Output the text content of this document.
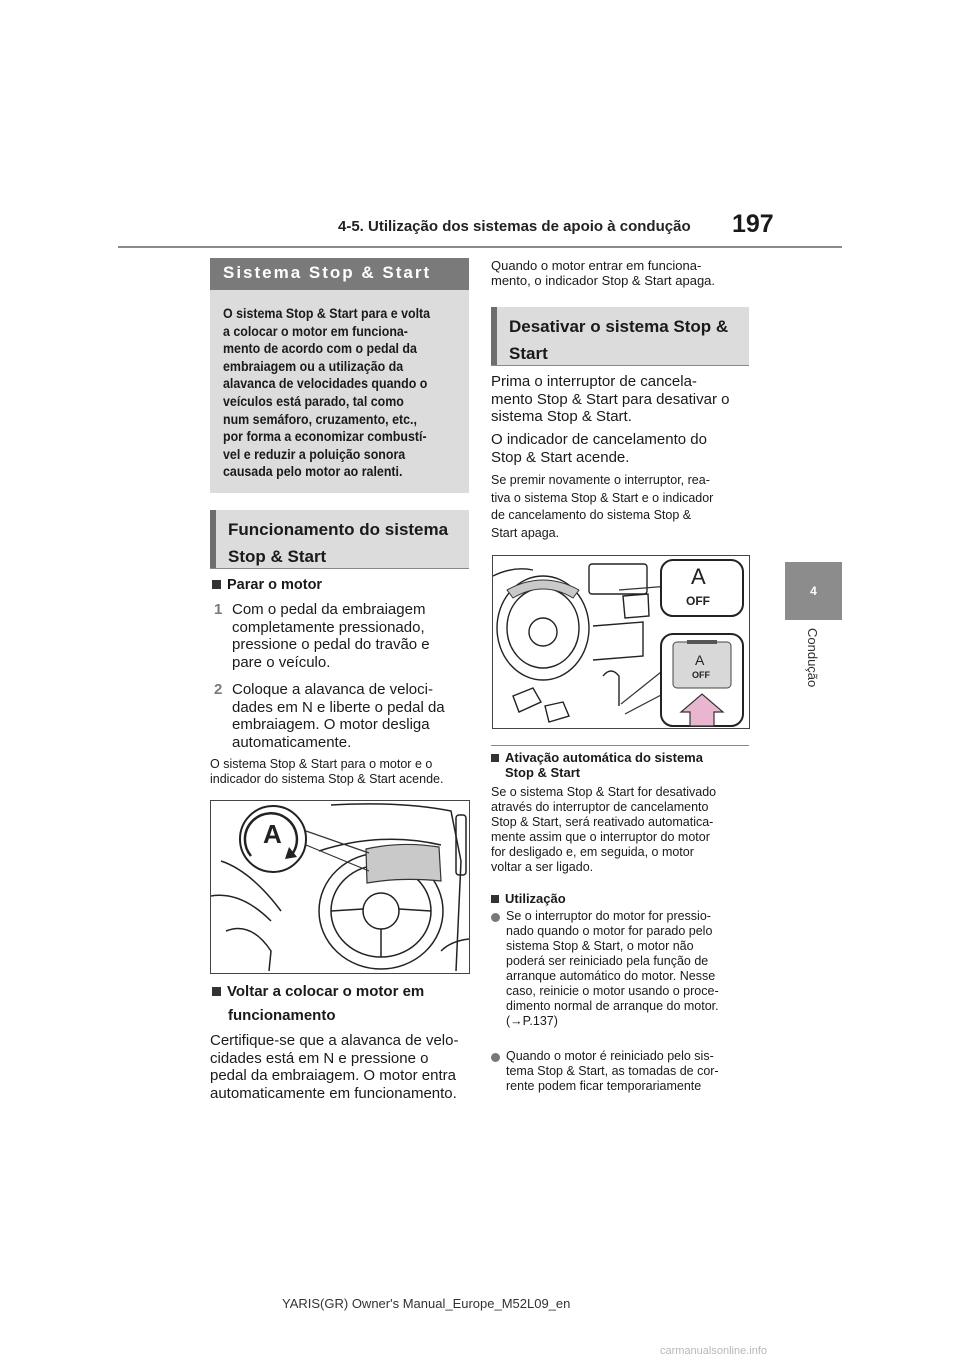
4-5. Utilização dos sistemas de apoio à condução 197
4
Condução
Sistema Stop & Start

O sistema Stop & Start para e volta
a colocar o motor em funciona-
mento de acordo com o pedal da
embraiagem ou a utilização da
alavanca de velocidades quando o
veículos está parado, tal como
num semáforo, cruzamento, etc.,
por forma a economizar combustí-
vel e reduzir a poluição sonora
causada pelo motor ao ralenti.

Funcionamento do sistema
Stop & Start
Parar o motor
1 Com o pedal da embraiagem
completamente pressionado,
pressione o pedal do travão e
pare o veículo.
2 Coloque a alavanca de veloci-
dades em N e liberte o pedal da
embraiagem. O motor desliga
automaticamente.
O sistema Stop & Start para o motor e o
indicador do sistema Stop & Start acende.
A
Voltar a colocar o motor em
funcionamento
Certifique-se que a alavanca de velo-
cidades está em N e pressione o
pedal da embraiagem. O motor entra
automaticamente em funcionamento.
Quando o motor entrar em funciona-
mento, o indicador Stop & Start apaga.
Desativar o sistema Stop &
Start
Prima o interruptor de cancela-
mento Stop & Start para desativar o
sistema Stop & Start.
O indicador de cancelamento do
Stop & Start acende.
Se premir novamente o interruptor, rea-
tiva o sistema Stop & Start e o indicador
de cancelamento do sistema Stop &
Start apaga.
A
OFF
A
OFF
Ativação automática do sistema
Stop & Start
Se o sistema Stop & Start for desativado
através do interruptor de cancelamento
Stop & Start, será reativado automatica-
mente assim que o interruptor do motor
for desligado e, em seguida, o motor
voltar a ser ligado.
Utilização
Se o interruptor do motor for pressio-
nado quando o motor for parado pelo
sistema Stop & Start, o motor não
poderá ser reiniciado pela função de
arranque automático do motor. Nesse
caso, reinicie o motor usando o proce-
dimento normal de arranque do motor.
(→P.137)
Quando o motor é reiniciado pelo sis-
tema Stop & Start, as tomadas de cor-
rente podem ficar temporariamente
YARIS(GR) Owner's Manual_Europe_M52L09_en
carmanualsonline.info
